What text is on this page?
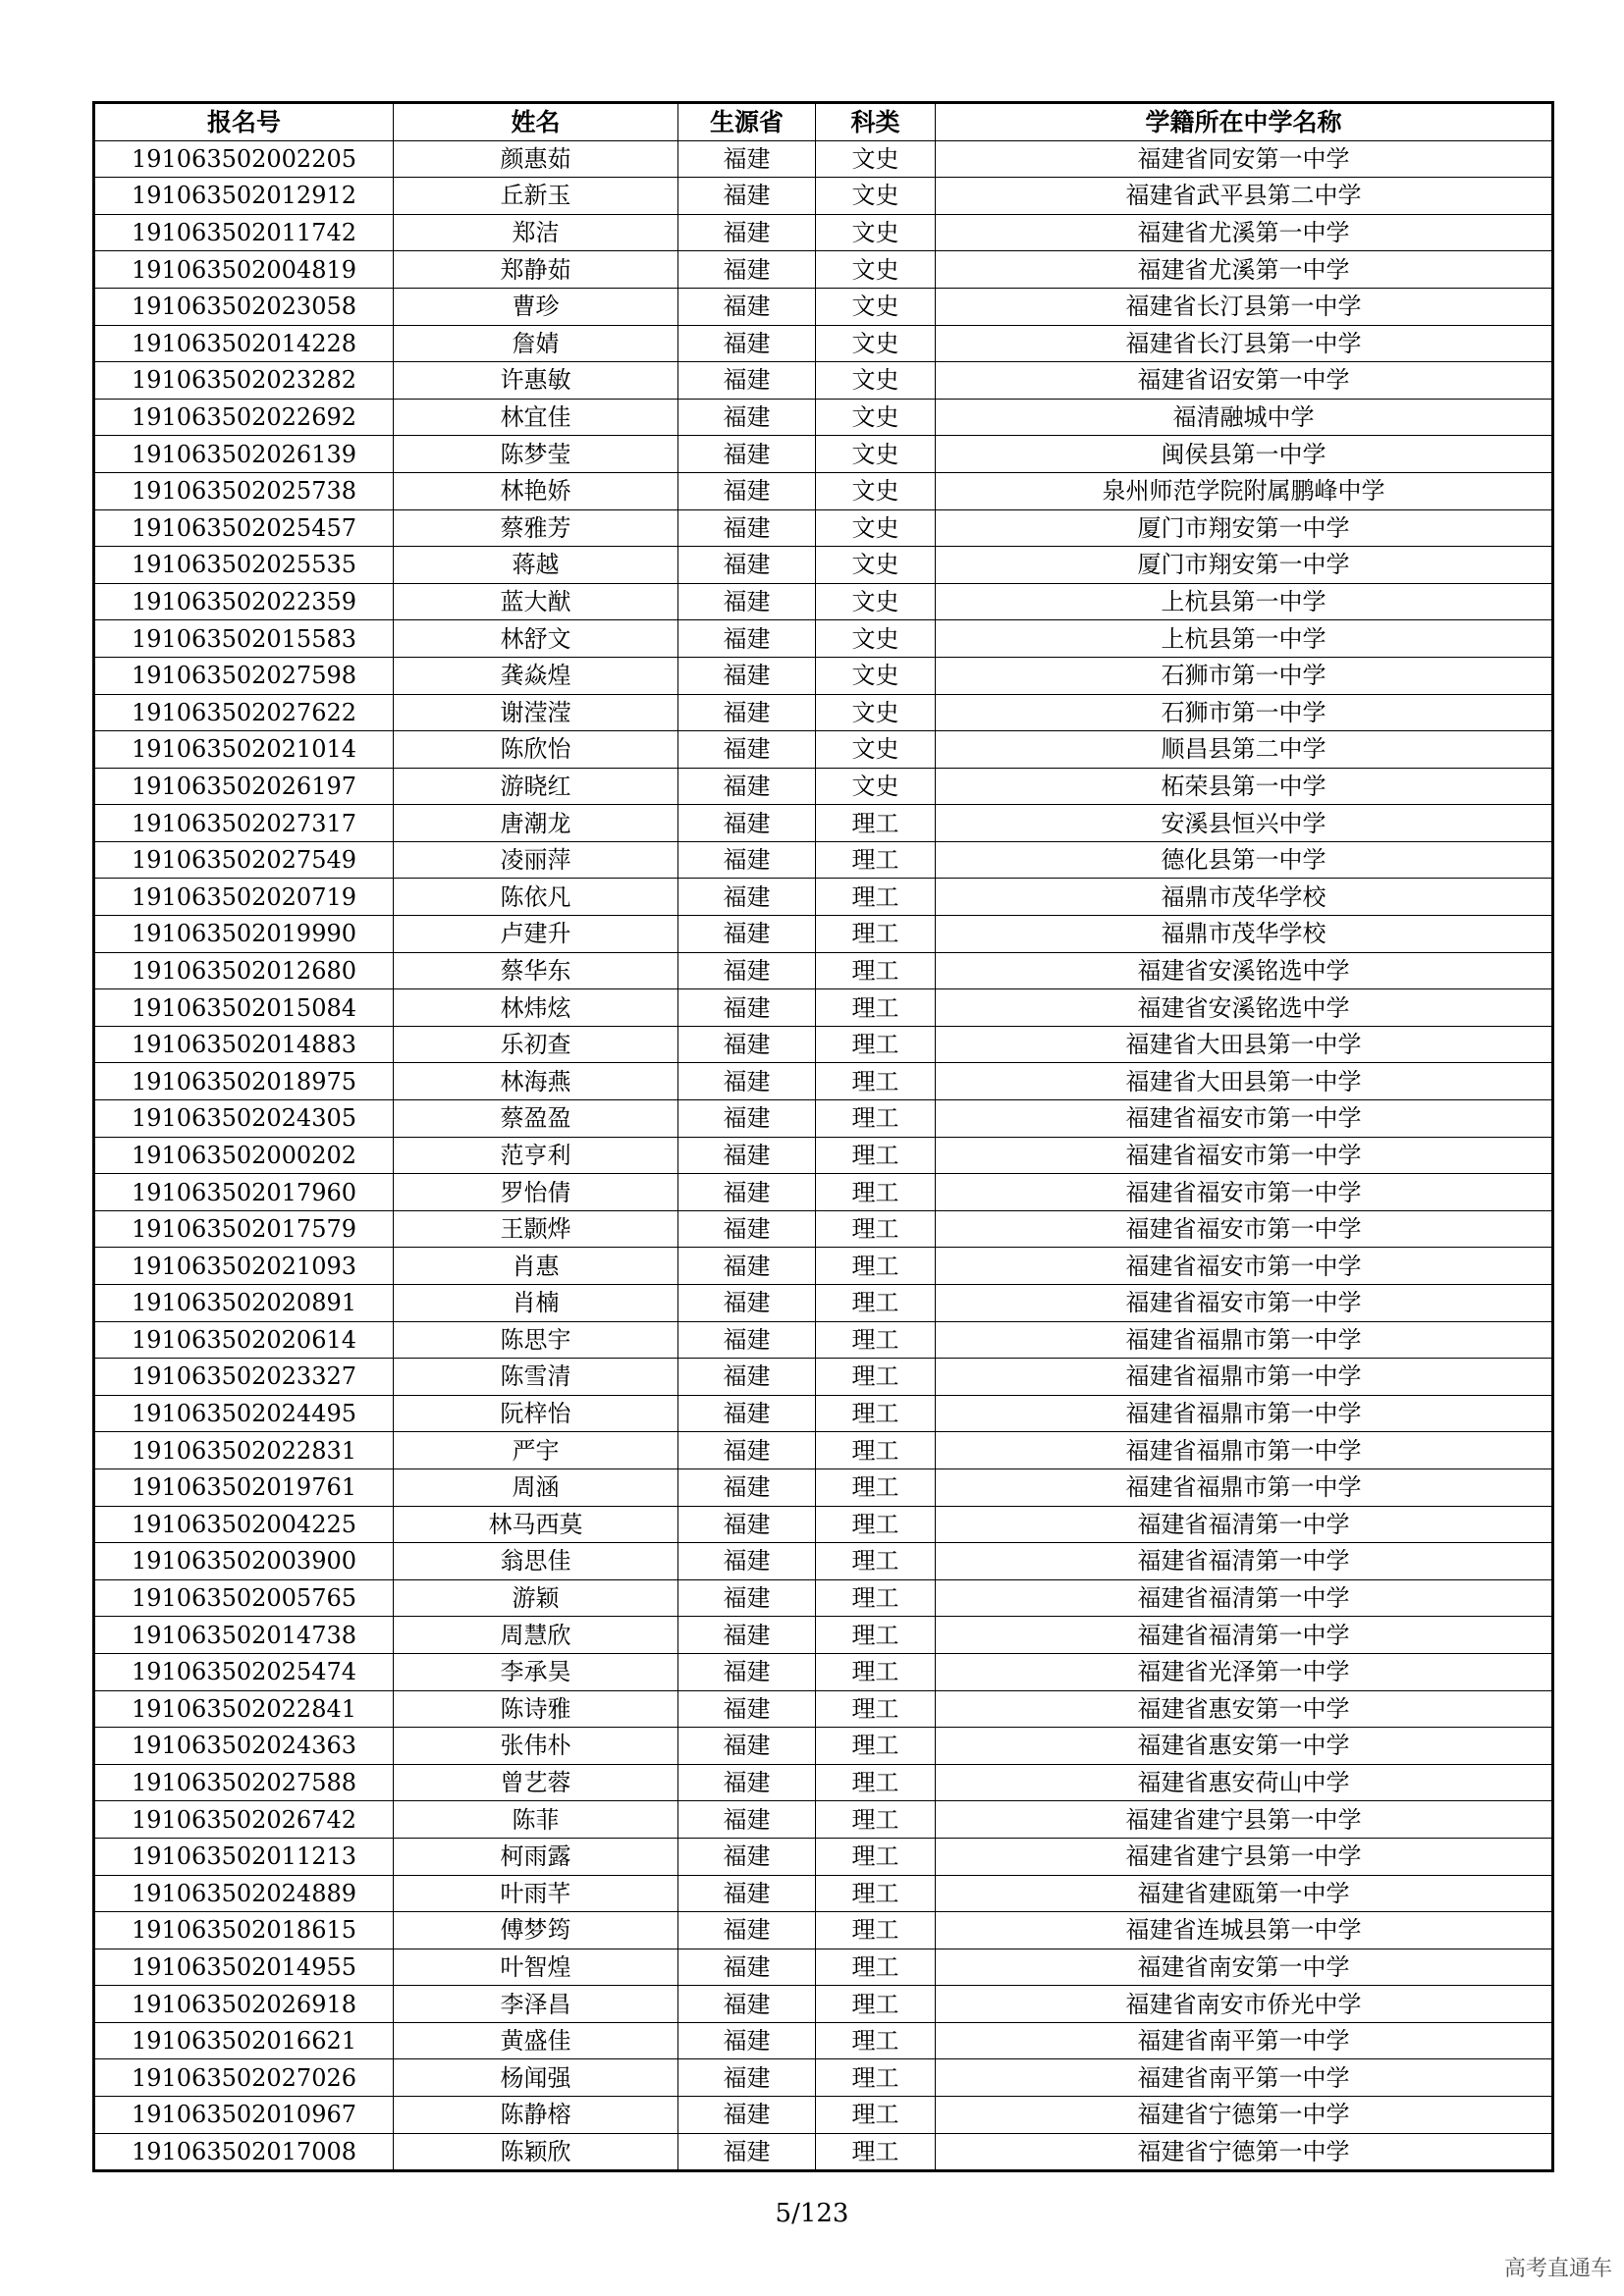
报名号	姓名	生源省	科类	学籍所在中学名称
191063502002205	颜惠茹	福建	文史	福建省同安第一中学
191063502012912	丘新玉	福建	文史	福建省武平县第二中学
191063502011742	郑洁	福建	文史	福建省尤溪第一中学
191063502004819	郑静茹	福建	文史	福建省尤溪第一中学
191063502023058	曹珍	福建	文史	福建省长汀县第一中学
191063502014228	詹婧	福建	文史	福建省长汀县第一中学
191063502023282	许惠敏	福建	文史	福建省诏安第一中学
191063502022692	林宜佳	福建	文史	福清融城中学
191063502026139	陈梦莹	福建	文史	闽侯县第一中学
191063502025738	林艳娇	福建	文史	泉州师范学院附属鹏峰中学
191063502025457	蔡雅芳	福建	文史	厦门市翔安第一中学
191063502025535	蒋越	福建	文史	厦门市翔安第一中学
191063502022359	蓝大猷	福建	文史	上杭县第一中学
191063502015583	林舒文	福建	文史	上杭县第一中学
191063502027598	龚焱煌	福建	文史	石狮市第一中学
191063502027622	谢滢滢	福建	文史	石狮市第一中学
191063502021014	陈欣怡	福建	文史	顺昌县第二中学
191063502026197	游晓红	福建	文史	柘荣县第一中学
191063502027317	唐潮龙	福建	理工	安溪县恒兴中学
191063502027549	凌丽萍	福建	理工	德化县第一中学
191063502020719	陈依凡	福建	理工	福鼎市茂华学校
191063502019990	卢建升	福建	理工	福鼎市茂华学校
191063502012680	蔡华东	福建	理工	福建省安溪铭选中学
191063502015084	林炜炫	福建	理工	福建省安溪铭选中学
191063502014883	乐初查	福建	理工	福建省大田县第一中学
191063502018975	林海燕	福建	理工	福建省大田县第一中学
191063502024305	蔡盈盈	福建	理工	福建省福安市第一中学
191063502000202	范亨利	福建	理工	福建省福安市第一中学
191063502017960	罗怡倩	福建	理工	福建省福安市第一中学
191063502017579	王颢烨	福建	理工	福建省福安市第一中学
191063502021093	肖惠	福建	理工	福建省福安市第一中学
191063502020891	肖楠	福建	理工	福建省福安市第一中学
191063502020614	陈思宇	福建	理工	福建省福鼎市第一中学
191063502023327	陈雪清	福建	理工	福建省福鼎市第一中学
191063502024495	阮梓怡	福建	理工	福建省福鼎市第一中学
191063502022831	严宇	福建	理工	福建省福鼎市第一中学
191063502019761	周涵	福建	理工	福建省福鼎市第一中学
191063502004225	林马西莫	福建	理工	福建省福清第一中学
191063502003900	翁思佳	福建	理工	福建省福清第一中学
191063502005765	游颖	福建	理工	福建省福清第一中学
191063502014738	周慧欣	福建	理工	福建省福清第一中学
191063502025474	李承昊	福建	理工	福建省光泽第一中学
191063502022841	陈诗雅	福建	理工	福建省惠安第一中学
191063502024363	张伟朴	福建	理工	福建省惠安第一中学
191063502027588	曾艺蓉	福建	理工	福建省惠安荷山中学
191063502026742	陈菲	福建	理工	福建省建宁县第一中学
191063502011213	柯雨露	福建	理工	福建省建宁县第一中学
191063502024889	叶雨芊	福建	理工	福建省建瓯第一中学
191063502018615	傅梦筠	福建	理工	福建省连城县第一中学
191063502014955	叶智煌	福建	理工	福建省南安第一中学
191063502026918	李泽昌	福建	理工	福建省南安市侨光中学
191063502016621	黄盛佳	福建	理工	福建省南平第一中学
191063502027026	杨闻强	福建	理工	福建省南平第一中学
191063502010967	陈静榕	福建	理工	福建省宁德第一中学
191063502017008	陈颖欣	福建	理工	福建省宁德第一中学
5/123
高考直通车
